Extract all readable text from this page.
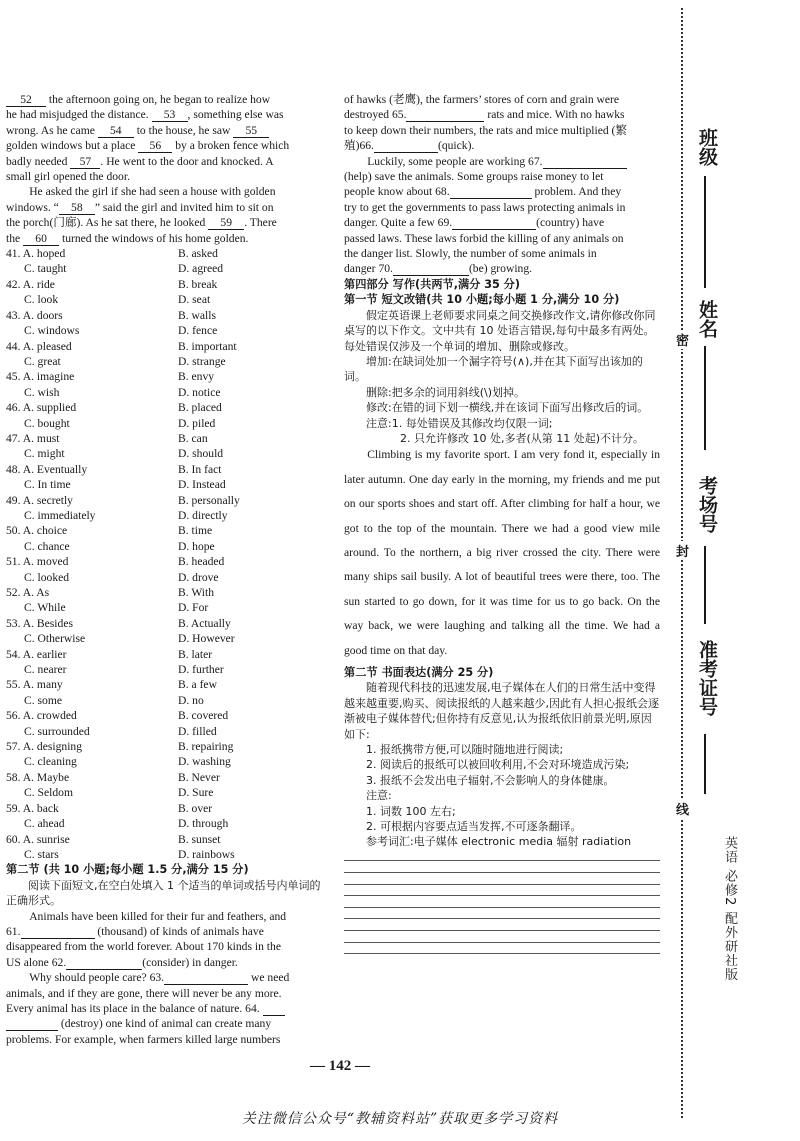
52 the afternoon going on, he began to realize how

he had misjudged the distance. 53 , something else was

wrong. As he came 54 to the house, he saw 55

golden windows but a place 56 by a broken fence which

badly needed 57 . He went to the door and knocked. A

small girl opened the door.

He asked the girl if she had seen a house with golden

windows. “ 58 ” said the girl and invited him to sit on

the porch(门廊). As he sat there, he looked 59 . There

the 60 turned the windows of his home golden.

41. A. hoped	B. asked
C. taught	D. agreed
42. A. ride	B. break
C. look	D. seat
43. A. doors	B. walls
C. windows	D. fence
44. A. pleased	B. important
C. great	D. strange
45. A. imagine	B. envy
C. wish	D. notice
46. A. supplied	B. placed
C. bought	D. piled
47. A. must	B. can
C. might	D. should
48. A. Eventually	B. In fact
C. In time	D. Instead
49. A. secretly	B. personally
C. immediately	D. directly
50. A. choice	B. time
C. chance	D. hope
51. A. moved	B. headed
C. looked	D. drove
52. A. As	B. With
C. While	D. For
53. A. Besides	B. Actually
C. Otherwise	D. However
54. A. earlier	B. later
C. nearer	D. further
55. A. many	B. a few
C. some	D. no
56. A. crowded	B. covered
C. surrounded	D. filled
57. A. designing	B. repairing
C. cleaning	D. washing
58. A. Maybe	B. Never
C. Seldom	D. Sure
59. A. back	B. over
C. ahead	D. through
60. A. sunrise	B. sunset
C. stars	D. rainbows

第二节 (共 10 小题;每小题 1.5 分,满分 15 分)

阅读下面短文,在空白处填入 1 个适当的单词或括号内单词的正确形式。

Animals have been killed for their fur and feathers, and

61.	(thousand) of kinds of animals have

disappeared from the world forever. About 170 kinds in the

US alone 62.	(consider) in danger.

Why should people care? 63.	we need

animals, and if they are gone, there will never be any more.

Every animal has its place in the balance of nature. 64.

(destroy) one kind of animal can create many

problems. For example, when farmers killed large numbers

of hawks (老鹰), the farmers’ stores of corn and grain were

destroyed 65.	rats and mice. With no hawks

to keep down their numbers, the rats and mice multiplied (繁

殖)66.	(quick).

Luckily, some people are working 67.

(help) save the animals. Some groups raise money to let

people know about 68.	problem. And they

try to get the governments to pass laws protecting animals in

danger. Quite a few 69.	(country) have

passed laws. These laws forbid the killing of any animals on

the danger list. Slowly, the number of some animals in

danger 70.	(be) growing.

第四部分 写作(共两节,满分 35 分)

第一节 短文改错(共 10 小题;每小题 1 分,满分 10 分)

假定英语课上老师要求同桌之间交换修改作文,请你修改你同桌写的以下作文。文中共有 10 处语言错误,每句中最多有两处。每处错误仅涉及一个单词的增加、删除或修改。

增加:在缺词处加一个漏字符号(∧),并在其下面写出该加的词。

删除:把多余的词用斜线(\)划掉。

修改:在错的词下划一横线,并在该词下面写出修改后的词。

注意:1. 每处错误及其修改均仅限一词;

2. 只允许修改 10 处,多者(从第 11 处起)不计分。

Climbing is my favorite sport. I am very fond it, especially in later autumn. One day early in the morning, my friends and me put on our sports shoes and start off. After climbing for half a hour, we got to the top of the mountain. There we had a good view mile around. To the northern, a big river crossed the city. There were many ships sail busily. A lot of beautiful trees were there, too. The sun started to go down, for it was time for us to go back. On the way back, we were laughing and talking all the time. We had a good time on that day.

第二节 书面表达(满分 25 分)

随着现代科技的迅速发展,电子媒体在人们的日常生活中变得越来越重要,购买、阅读报纸的人越来越少,因此有人担心报纸会逐渐被电子媒体替代;但你持有反意见,认为报纸依旧前景光明,原因如下:

1. 报纸携带方便,可以随时随地进行阅读;

2. 阅读后的报纸可以被回收利用,不会对环境造成污染;

3. 报纸不会发出电子辐射,不会影响人的身体健康。

注意:

1. 词数 100 左右;

2. 可根据内容要点适当发挥,不可逐条翻译。

参考词汇:电子媒体 electronic media 辐射 radiation

— 142 —
关注微信公众号“教辅资料站”获取更多学习资料
班级
姓名
考场号
准考证号
密
封
线
英语 必修2 配外研社版
